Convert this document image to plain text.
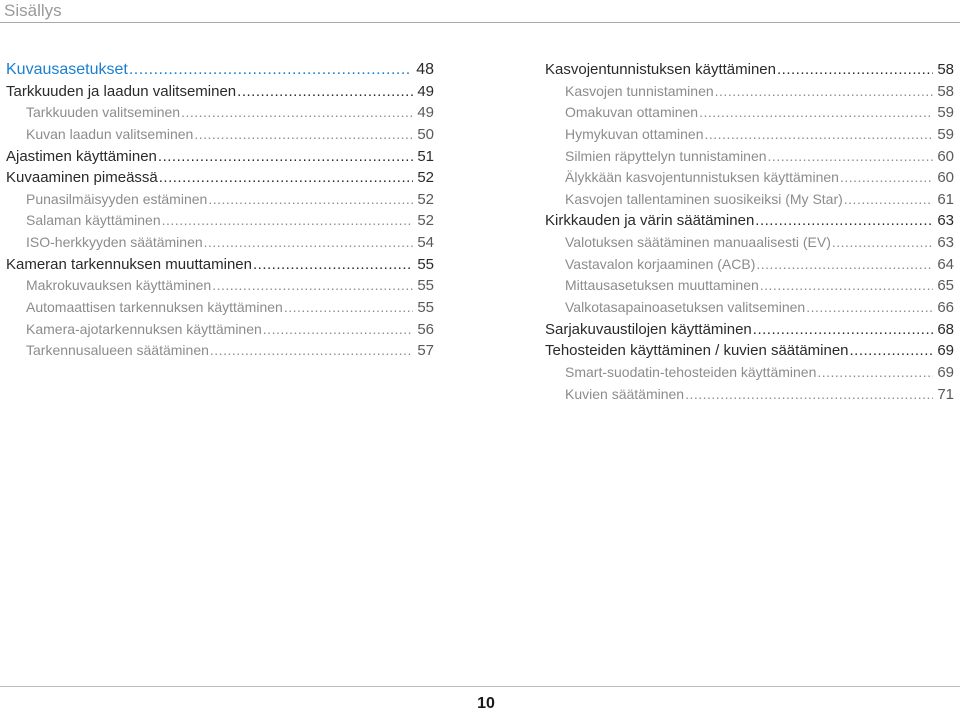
Sisällys
Kuvausasetukset .....	48
Tarkkuuden ja laadun valitseminen .....	49
Tarkkuuden valitseminen .....	49
Kuvan laadun valitseminen .....	50
Ajastimen käyttäminen .....	51
Kuvaaminen pimeässä .....	52
Punasilmäisyyden estäminen .....	52
Salaman käyttäminen .....	52
ISO-herkkyyden säätäminen .....	54
Kameran tarkennuksen muuttaminen .....	55
Makrokuvauksen käyttäminen .....	55
Automaattisen tarkennuksen käyttäminen .....	55
Kamera-ajotarkennuksen käyttäminen .....	56
Tarkennusalueen säätäminen .....	57
Kasvojentunnistuksen käyttäminen .....	58
Kasvojen tunnistaminen .....	58
Omakuvan ottaminen .....	59
Hymykuvan ottaminen .....	59
Silmien räpyttelyn tunnistaminen .....	60
Älykkään kasvojentunnistuksen käyttäminen .....	60
Kasvojen tallentaminen suosikeiksi (My Star) .....	61
Kirkkauden ja värin säätäminen .....	63
Valotuksen säätäminen manuaalisesti (EV) .....	63
Vastavalon korjaaminen (ACB) .....	64
Mittausasetuksen muuttaminen .....	65
Valkotasapainoasetuksen valitseminen .....	66
Sarjakuvaustilojen käyttäminen .....	68
Tehosteiden käyttäminen / kuvien säätäminen .....	69
Smart-suodatin-tehosteiden käyttäminen .....	69
Kuvien säätäminen .....	71
10
